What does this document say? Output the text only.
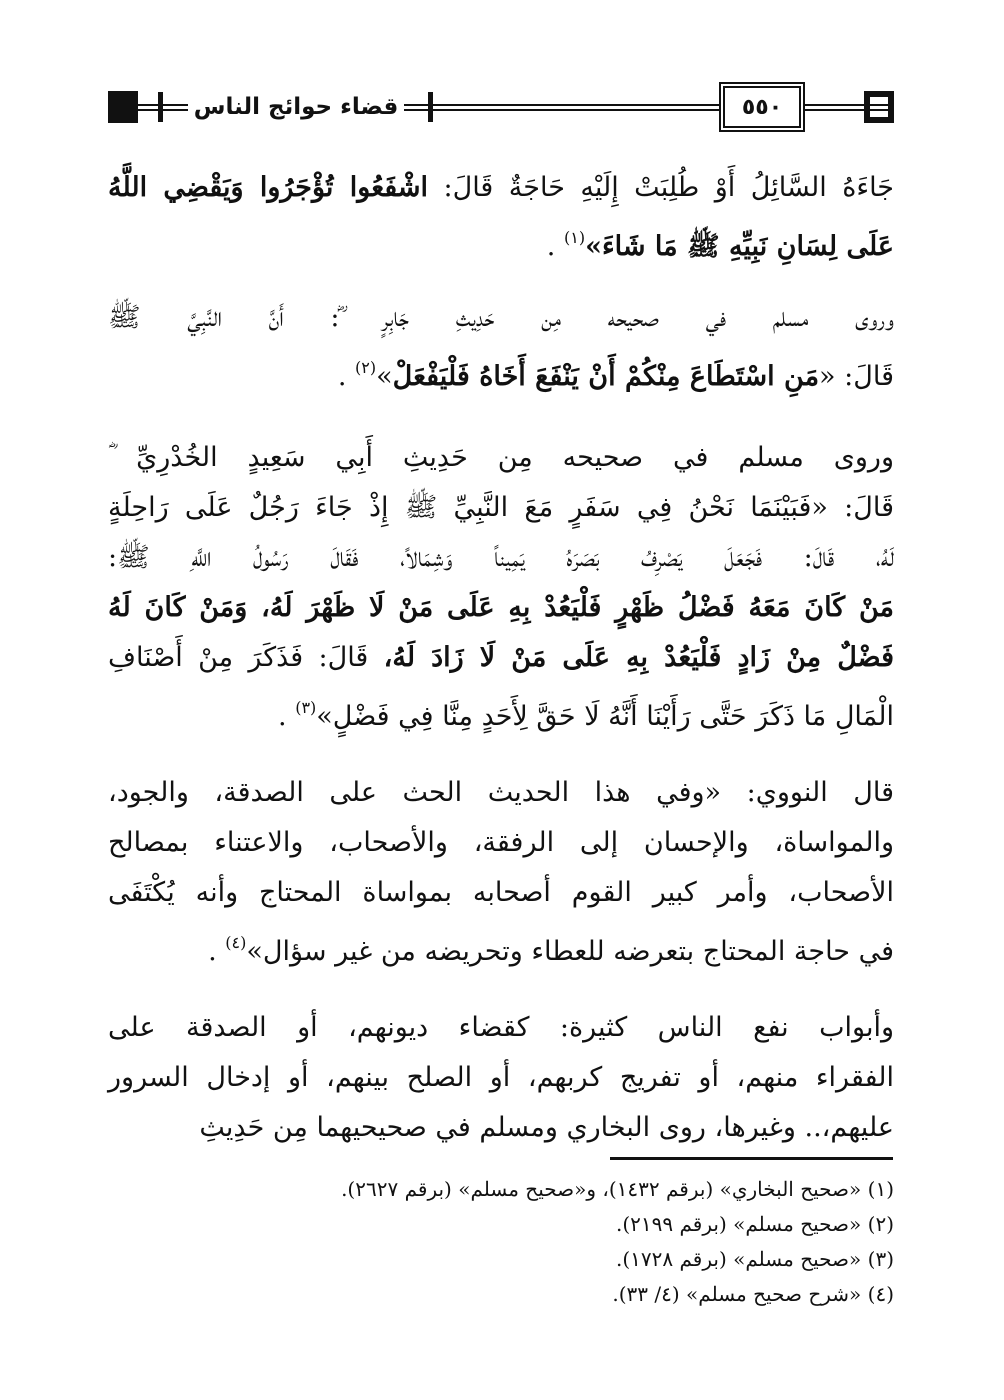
قضاء حوائج الناس	٥٥٠
جَاءَهُ السَّائِلُ أَوْ طُلِبَتْ إِلَيْهِ حَاجَةٌ قَالَ: اشْفَعُوا تُؤْجَرُوا وَيَقْضِي اللَّهُ
عَلَى لِسَانِ نَبِيِّهِ ﷺ مَا شَاءَ»$^{(١)}$ .
وروى مسلم في صحيحه مِن حَدِيثِ جَابِرٍ ؓ: أَنَّ النَّبِيَّ ﷺ
قَالَ: «مَنِ اسْتَطَاعَ مِنْكُمْ أَنْ يَنْفَعَ أَخَاهُ فَلْيَفْعَلْ»$^{(٢)}$ .
وروى مسلم في صحيحه مِن حَدِيثِ أَبِي سَعِيدٍ الخُدْرِيِّ ؓ
قَالَ: «فَبَيْنَمَا نَحْنُ فِي سَفَرٍ مَعَ النَّبِيِّ ﷺ إِذْ جَاءَ رَجُلٌ عَلَى رَاحِلَةٍ
لَهُ، قَالَ: فَجَعَلَ يَصْرِفُ بَصَرَهُ يَمِيناً وَشِمَالاً، فَقَالَ رَسُولُ اللَّهِ ﷺ:
مَنْ كَانَ مَعَهُ فَضْلُ ظَهْرٍ فَلْيَعُدْ بِهِ عَلَى مَنْ لَا ظَهْرَ لَهُ، وَمَنْ كَانَ لَهُ
فَضْلٌ مِنْ زَادٍ فَلْيَعُدْ بِهِ عَلَى مَنْ لَا زَادَ لَهُ، قَالَ: فَذَكَرَ مِنْ أَصْنَافِ
الْمَالِ مَا ذَكَرَ حَتَّى رَأَيْنَا أَنَّهُ لَا حَقَّ لِأَحَدٍ مِنَّا فِي فَضْلٍ»$^{(٣)}$ .
قال النووي: «وفي هذا الحديث الحث على الصدقة، والجود،
والمواساة، والإحسان إلى الرفقة، والأصحاب، والاعتناء بمصالح
الأصحاب، وأمر كبير القوم أصحابه بمواساة المحتاج وأنه يُكْتَفَى
في حاجة المحتاج بتعرضه للعطاء وتحريضه من غير سؤال»$^{(٤)}$ .
وأبواب نفع الناس كثيرة: كقضاء ديونهم، أو الصدقة على
الفقراء منهم، أو تفريج كربهم، أو الصلح بينهم، أو إدخال السرور
عليهم،.. وغيرها، روى البخاري ومسلم في صحيحيهما مِن حَدِيثِ
(١) «صحيح البخاري» (برقم ١٤٣٢)، و«صحيح مسلم» (برقم ٢٦٢٧).
(٢) «صحيح مسلم» (برقم ٢١٩٩).
(٣) «صحيح مسلم» (برقم ١٧٢٨).
(٤) «شرح صحيح مسلم» (٤/ ٣٣).
